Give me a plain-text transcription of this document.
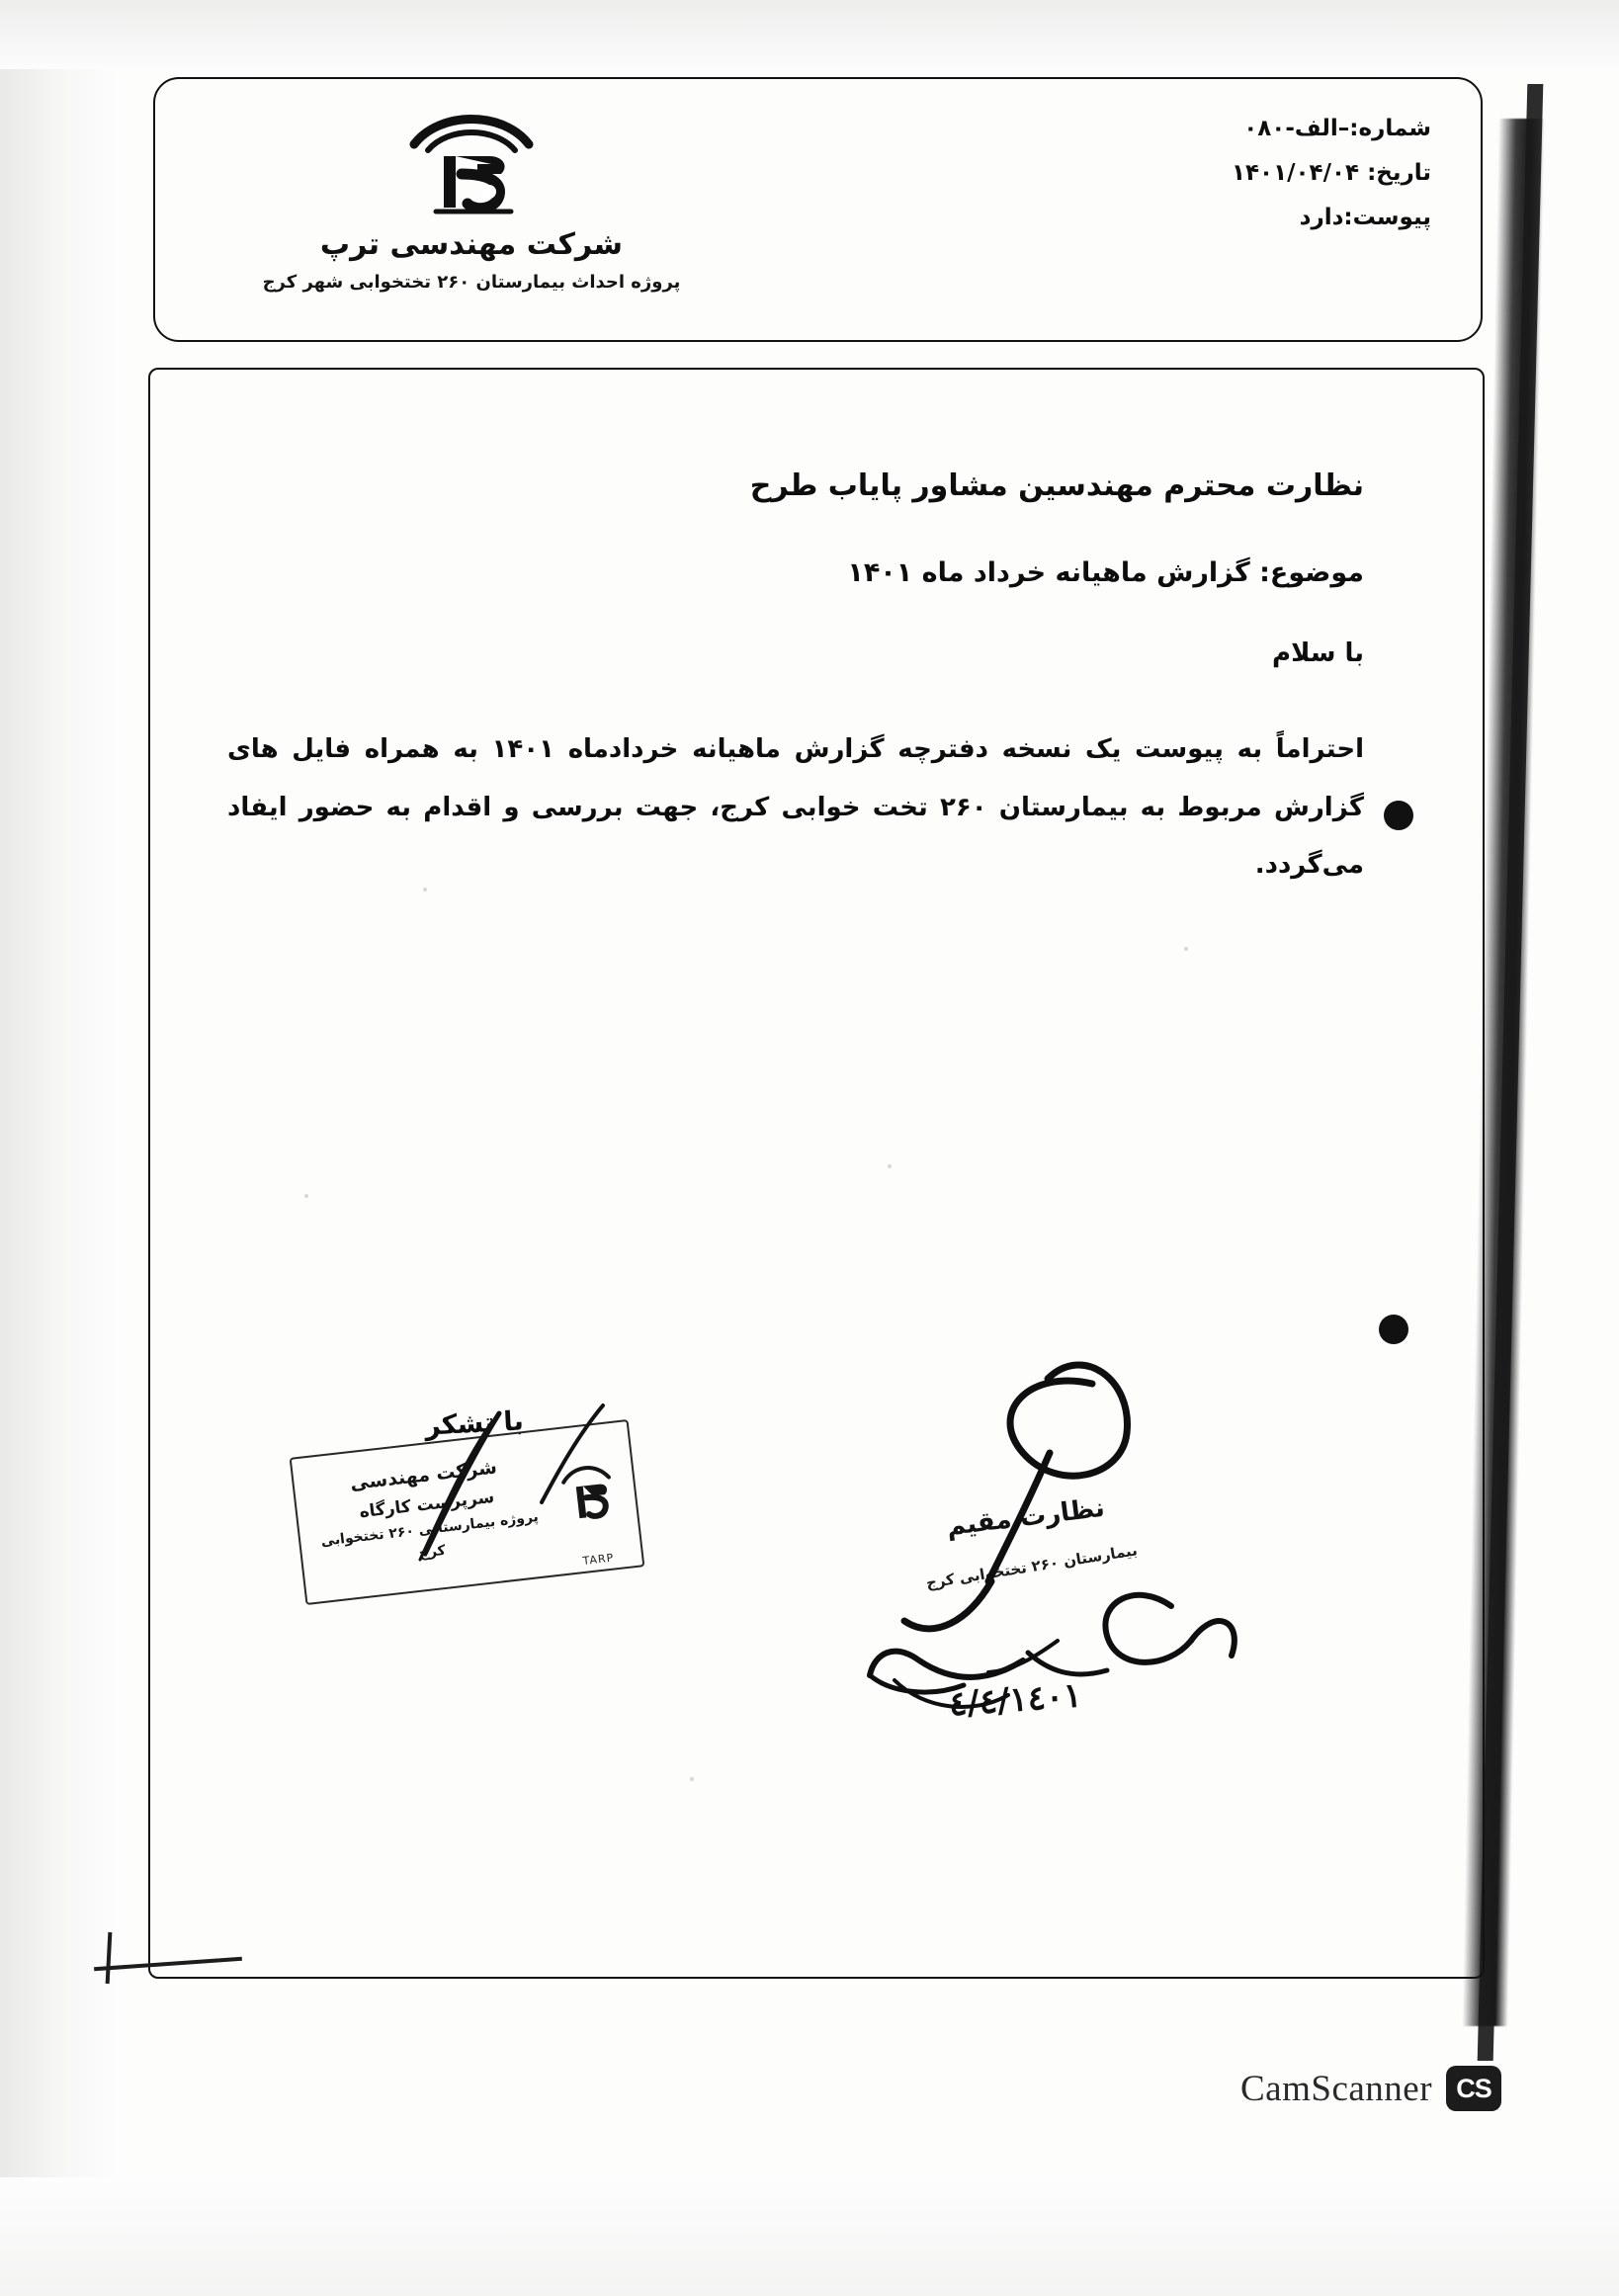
شماره:–الف-۰۸۰
تاریخ: ۱۴۰۱/۰۴/۰۴
پیوست:دارد
شرکت مهندسی ترپ
پروژه احداث بیمارستان ۲۶۰ تختخوابی شهر کرج
نظارت محترم مهندسین مشاور پایاب طرح
موضوع: گزارش ماهیانه خرداد ماه ۱۴۰۱
با سلام
احتراماً به پیوست یک نسخه دفترچه گزارش ماهیانه خردادماه ۱۴۰۱ به همراه فایل های گزارش مربوط به بیمارستان ۲۶۰ تخت خوابی کرج، جهت بررسی و اقدام به حضور ایفاد می‌گردد.
با تشکر
شرکت مهندسی
سرپرست کارگاه
پروژه بیمارستانی ۲۶۰ تختخوابی کرج	TARP
نظارت مقیم
بیمارستان ۲۶۰ تختخوابی کرج
۱٤۰۱/٤/٤
CS
CamScanner
